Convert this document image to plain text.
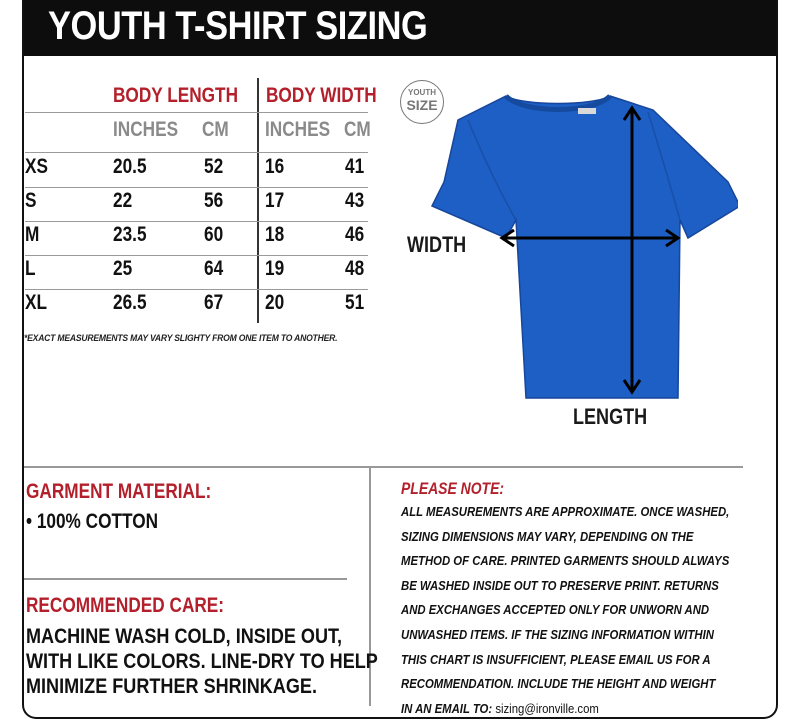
YOUTH T-SHIRT SIZING
BODY LENGTH	BODY WIDTH
INCHES	CM INCHES CM
XS	20.5	52 16	41
S	22	56 17	43
M	23.5	60 18	46
L	25	64 19	48
XL	26.5	67 20	51
*EXACT MEASUREMENTS MAY VARY SLIGHTY FROM ONE ITEM TO ANOTHER.
YOUTH
SIZE
WIDTH
LENGTH
GARMENT MATERIAL:
• 100% COTTON
RECOMMENDED CARE:
MACHINE WASH COLD, INSIDE OUT,
WITH LIKE COLORS. LINE-DRY TO HELP
MINIMIZE FURTHER SHRINKAGE.
PLEASE NOTE:
ALL MEASUREMENTS ARE APPROXIMATE. ONCE WASHED,
SIZING DIMENSIONS MAY VARY, DEPENDING ON THE
METHOD OF CARE. PRINTED GARMENTS SHOULD ALWAYS
BE WASHED INSIDE OUT TO PRESERVE PRINT. RETURNS
AND EXCHANGES ACCEPTED ONLY FOR UNWORN AND
UNWASHED ITEMS. IF THE SIZING INFORMATION WITHIN
THIS CHART IS INSUFFICIENT, PLEASE EMAIL US FOR A
RECOMMENDATION. INCLUDE THE HEIGHT AND WEIGHT
IN AN EMAIL TO: sizing@ironville.com
